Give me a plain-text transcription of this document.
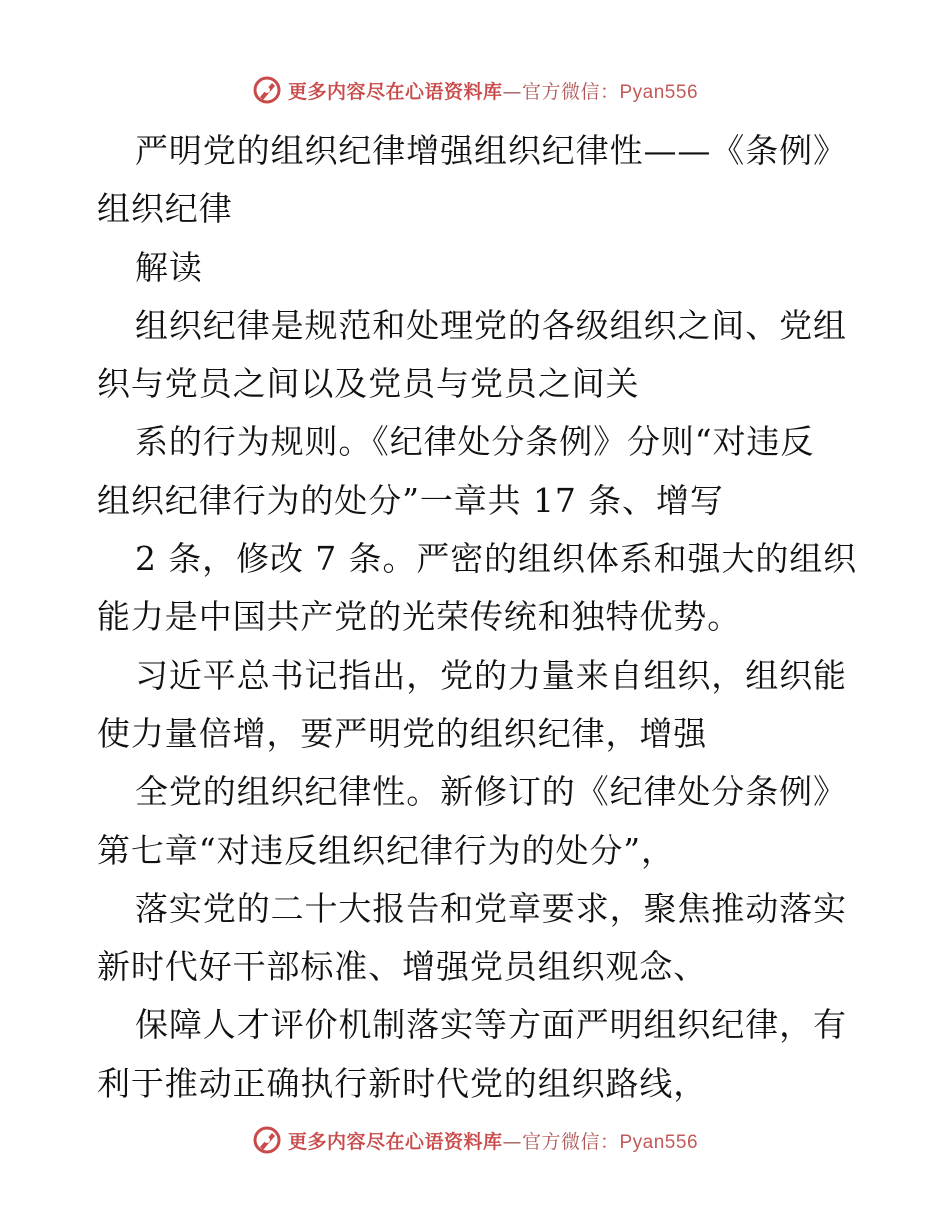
更多内容尽在心语资料库—官方微信：Pyan556
严明党的组织纪律增强组织纪律性——《条例》
组织纪律
解读
组织纪律是规范和处理党的各级组织之间、党组
织与党员之间以及党员与党员之间关
系的行为规则。《纪律处分条例》分则“对违反
组织纪律行为的处分”一章共 17 条、增写
2 条，修改 7 条。严密的组织体系和强大的组织
能力是中国共产党的光荣传统和独特优势。
习近平总书记指出，党的力量来自组织，组织能
使力量倍增，要严明党的组织纪律，增强
全党的组织纪律性。新修订的《纪律处分条例》
第七章“对违反组织纪律行为的处分”，
落实党的二十大报告和党章要求，聚焦推动落实
新时代好干部标准、增强党员组织观念、
保障人才评价机制落实等方面严明组织纪律，有
利于推动正确执行新时代党的组织路线，
更多内容尽在心语资料库—官方微信：Pyan556
